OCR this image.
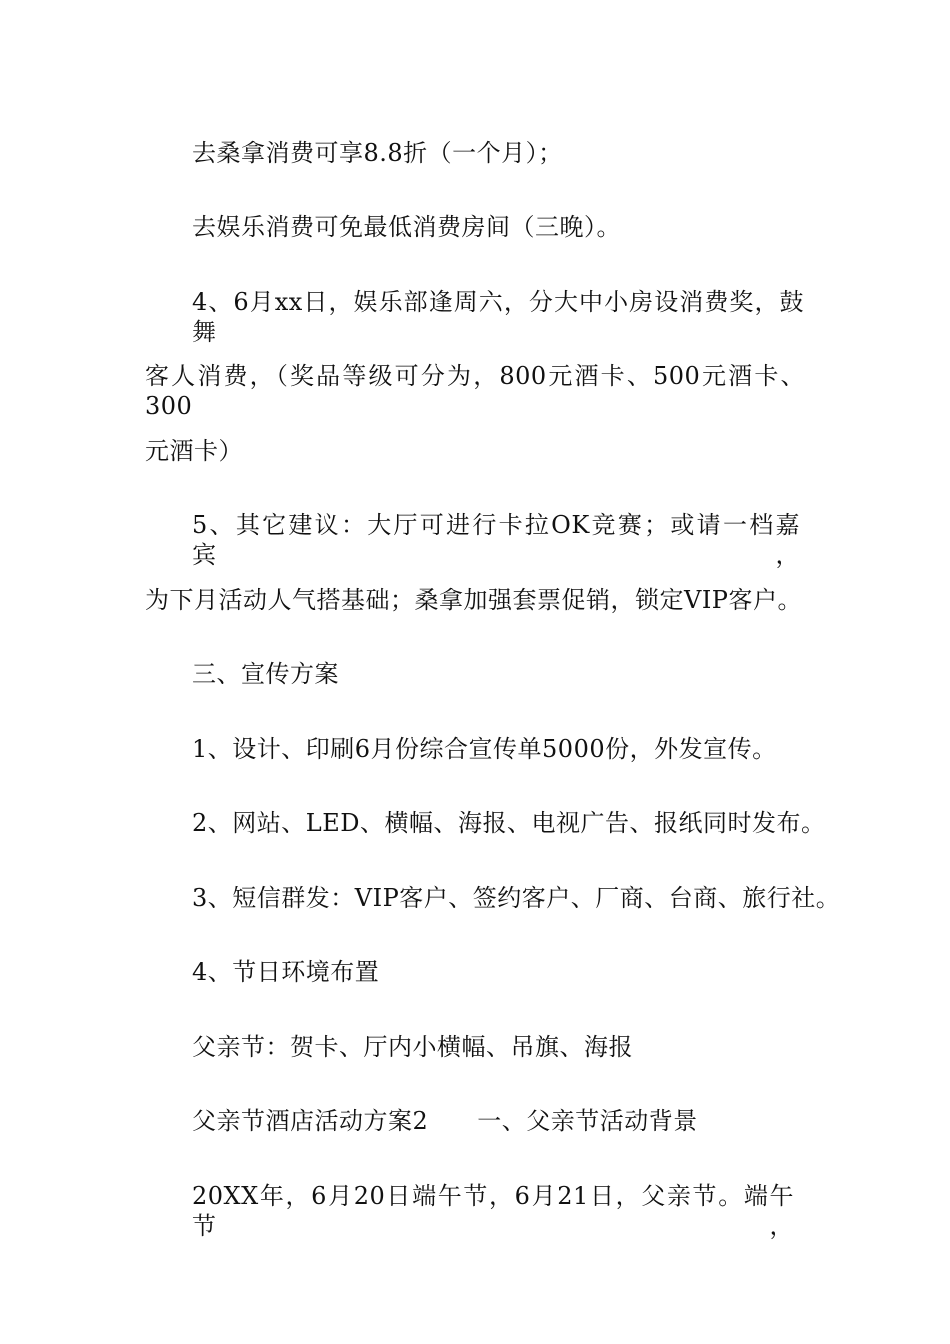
去桑拿消费可享8.8折（一个月）；
去娱乐消费可免最低消费房间（三晚）。
4、6月xx日，娱乐部逢周六，分大中小房设消费奖，鼓舞
客人消费，（奖品等级可分为，800元酒卡、500元酒卡、300
元酒卡）
5、其它建议：大厅可进行卡拉OK竞赛；或请一档嘉宾，
为下月活动人气搭基础；桑拿加强套票促销，锁定VIP客户。
三、宣传方案
1、设计、印刷6月份综合宣传单5000份，外发宣传。
2、网站、LED、横幅、海报、电视广告、报纸同时发布。
3、短信群发：VIP客户、签约客户、厂商、台商、旅行社。
4、节日环境布置
父亲节：贺卡、厅内小横幅、吊旗、海报
父亲节酒店活动方案2　　一、父亲节活动背景
20XX年，6月20日端午节，6月21日，父亲节。端午节，
